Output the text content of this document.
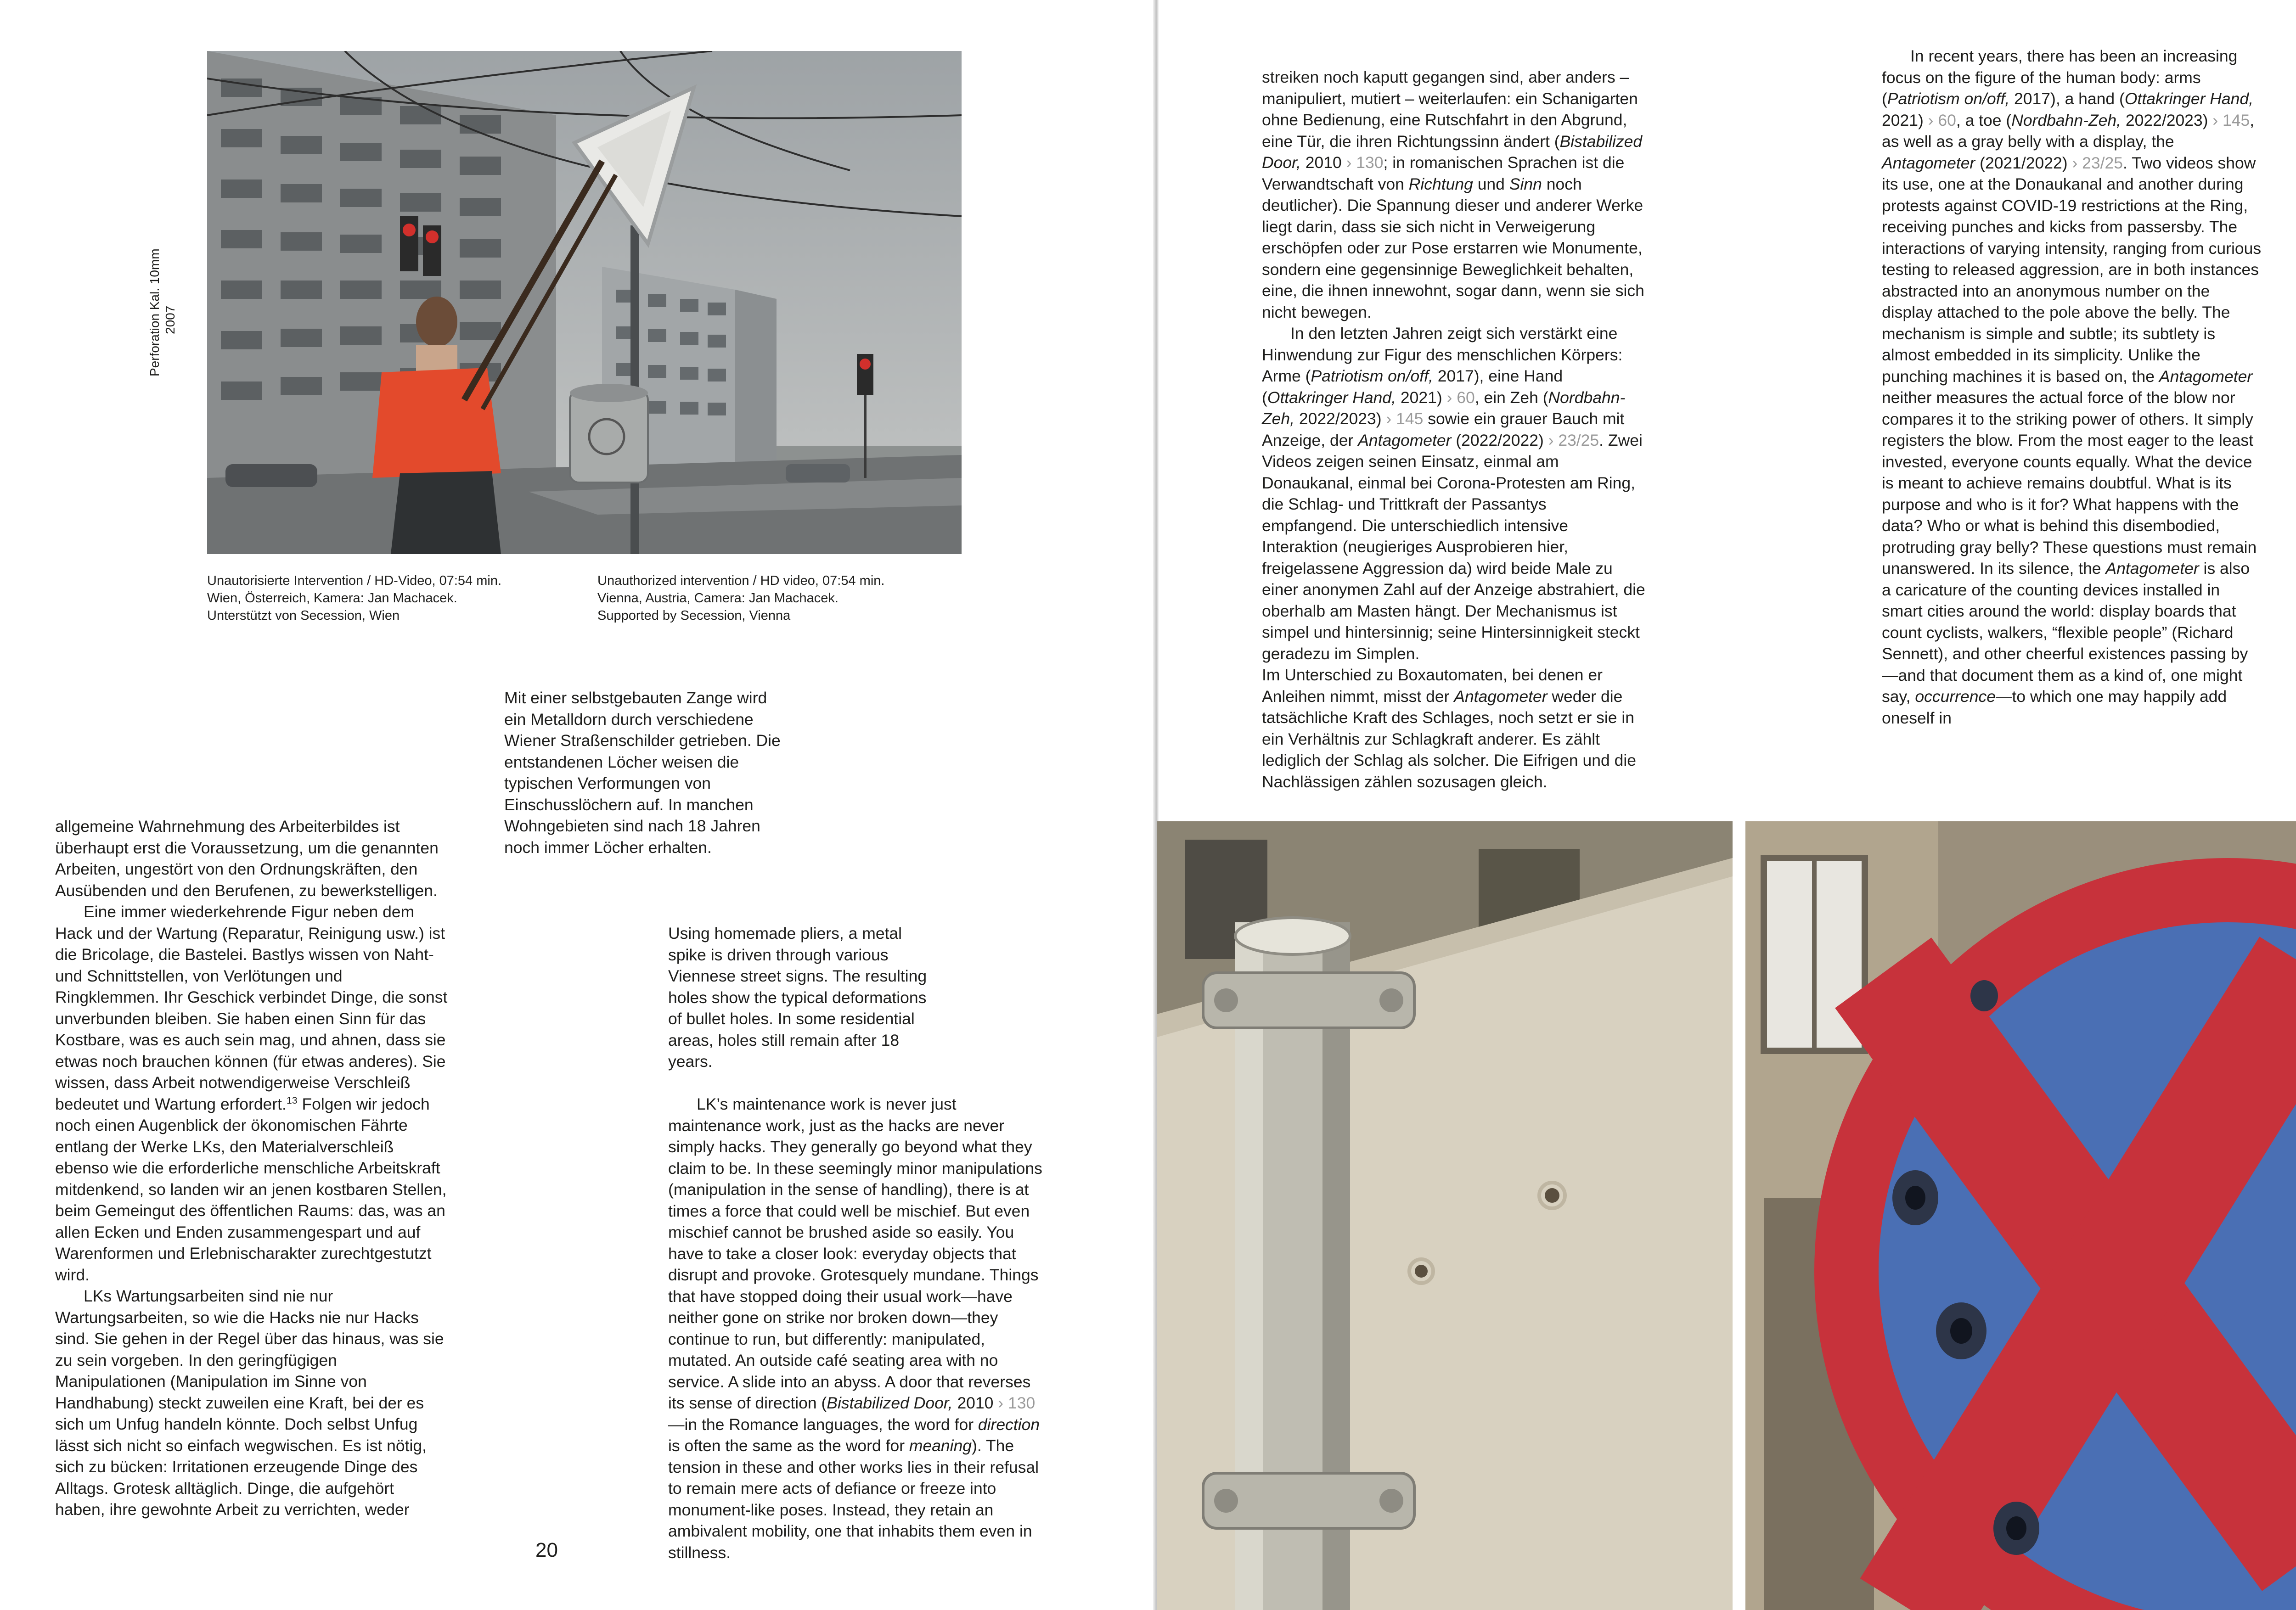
Perforation Kal. 10mm 2007
Unautorisierte Intervention / HD-Video, 07:54 min.
Wien, Österreich, Kamera: Jan Machacek.
Unterstützt von Secession, Wien
Unauthorized intervention / HD video, 07:54 min.
Vienna, Austria, Camera: Jan Machacek.
Supported by Secession, Vienna

Mit einer selbstgebauten Zange wird ein Metalldorn durch verschiedene Wiener Straßenschilder getrieben. Die entstandenen Löcher weisen die typischen Verformungen von Einschusslöchern auf. In manchen Wohngebieten sind nach 18 Jahren noch immer Löcher erhalten.

Using homemade pliers, a metal spike is driven through various Viennese street signs. The resulting holes show the typical deformations of bullet holes. In some residential areas, holes still remain after 18 years.

allgemeine Wahrnehmung des Arbeiterbildes ist überhaupt erst die Voraussetzung, um die genannten Arbeiten, ungestört von den Ordnungskräften, den Ausübenden und den Berufenen, zu bewerkstelligen.

Eine immer wiederkehrende Figur neben dem Hack und der Wartung (Reparatur, Reinigung usw.) ist die Bricolage, die Bastelei. Bastlys wissen von Naht- und Schnittstellen, von Verlötungen und Ringklemmen. Ihr Geschick verbindet Dinge, die sonst unverbunden bleiben. Sie haben einen Sinn für das Kostbare, was es auch sein mag, und ahnen, dass sie etwas noch brauchen können (für etwas anderes). Sie wissen, dass Arbeit notwendigerweise Verschleiß bedeutet und Wartung erfordert.$^{13}$ Folgen wir jedoch noch einen Augenblick der ökonomischen Fährte entlang der Werke LKs, den Materialverschleiß ebenso wie die erforderliche menschliche Arbeitskraft mitdenkend, so landen wir an jenen kostbaren Stellen, beim Gemeingut des öffentlichen Raums: das, was an allen Ecken und Enden zusammengespart und auf Warenformen und Erlebnischarakter zurechtgestutzt wird.

LKs Wartungsarbeiten sind nie nur Wartungsarbeiten, so wie die Hacks nie nur Hacks sind. Sie gehen in der Regel über das hinaus, was sie zu sein vorgeben. In den geringfügigen Manipulationen (Manipulation im Sinne von Handhabung) steckt zuweilen eine Kraft, bei der es sich um Unfug handeln könnte. Doch selbst Unfug lässt sich nicht so einfach wegwischen. Es ist nötig, sich zu bücken: Irritationen erzeugende Dinge des Alltags. Grotesk alltäglich. Dinge, die aufgehört haben, ihre gewohnte Arbeit zu verrichten, weder

LK’s maintenance work is never just maintenance work, just as the hacks are never simply hacks. They generally go beyond what they claim to be. In these seemingly minor manipulations (manipulation in the sense of handling), there is at times a force that could well be mischief. But even mischief cannot be brushed aside so easily. You have to take a closer look: everyday objects that disrupt and provoke. Grotesquely mundane. Things that have stopped doing their usual work—have neither gone on strike nor broken down—they continue to run, but differently: manipulated, mutated. An outside café seating area with no service. A slide into an abyss. A door that reverses its sense of direction (Bistabilized Door, 2010 › 130—in the Romance languages, the word for direction is often the same as the word for meaning). The tension in these and other works lies in their refusal to remain mere acts of defiance or freeze into monument-like poses. Instead, they retain an ambivalent mobility, one that inhabits them even in stillness.

20

streiken noch kaputt gegangen sind, aber anders – manipuliert, mutiert – weiterlaufen: ein Schanigarten ohne Bedienung, eine Rutschfahrt in den Abgrund, eine Tür, die ihren Richtungssinn ändert (Bistabilized Door, 2010 › 130; in romanischen Sprachen ist die Verwandtschaft von Richtung und Sinn noch deutlicher). Die Spannung dieser und anderer Werke liegt darin, dass sie sich nicht in Verweigerung erschöpfen oder zur Pose erstarren wie Monumente, sondern eine gegensinnige Beweglichkeit behalten, eine, die ihnen innewohnt, sogar dann, wenn sie sich nicht bewegen.

In den letzten Jahren zeigt sich verstärkt eine Hinwendung zur Figur des menschlichen Körpers: Arme (Patriotism on/off, 2017), eine Hand (Ottakringer Hand, 2021) › 60, ein Zeh (Nordbahn-Zeh, 2022/2023) › 145 sowie ein grauer Bauch mit Anzeige, der Antagometer (2022/2022) › 23/25. Zwei Videos zeigen seinen Einsatz, einmal am Donaukanal, einmal bei Corona-Protesten am Ring, die Schlag- und Trittkraft der Passantys empfangend. Die unterschiedlich intensive Interaktion (neugieriges Ausprobieren hier, freigelassene Aggression da) wird beide Male zu einer anonymen Zahl auf der Anzeige abstrahiert, die oberhalb am Masten hängt. Der Mechanismus ist simpel und hintersinnig; seine Hintersinnigkeit steckt geradezu im Simplen.

Im Unterschied zu Boxautomaten, bei denen er Anleihen nimmt, misst der Antagometer weder die tatsächliche Kraft des Schlages, noch setzt er sie in ein Verhältnis zur Schlagkraft anderer. Es zählt lediglich der Schlag als solcher. Die Eifrigen und die Nachlässigen zählen sozusagen gleich.

In recent years, there has been an increasing focus on the figure of the human body: arms (Patriotism on/off, 2017), a hand (Ottakringer Hand, 2021) › 60, a toe (Nordbahn-Zeh, 2022/2023) › 145, as well as a gray belly with a display, the Antagometer (2021/2022) › 23/25. Two videos show its use, one at the Donaukanal and another during protests against COVID-19 restrictions at the Ring, receiving punches and kicks from passersby. The interactions of varying intensity, ranging from curious testing to released aggression, are in both instances abstracted into an anonymous number on the display attached to the pole above the belly. The mechanism is simple and subtle; its subtlety is almost embedded in its simplicity. Unlike the punching machines it is based on, the Antagometer neither measures the actual force of the blow nor compares it to the striking power of others. It simply registers the blow. From the most eager to the least invested, everyone counts equally. What the device is meant to achieve remains doubtful. What is its purpose and who is it for? What happens with the data? Who or what is behind this disembodied, protruding gray belly? These questions must remain unanswered. In its silence, the Antagometer is also a caricature of the counting devices installed in smart cities around the world: display boards that count cyclists, walkers, “flexible people” (Richard Sennett), and other cheerful existences passing by—and that document them as a kind of, one might say, occurrence—to which one may happily add oneself in
